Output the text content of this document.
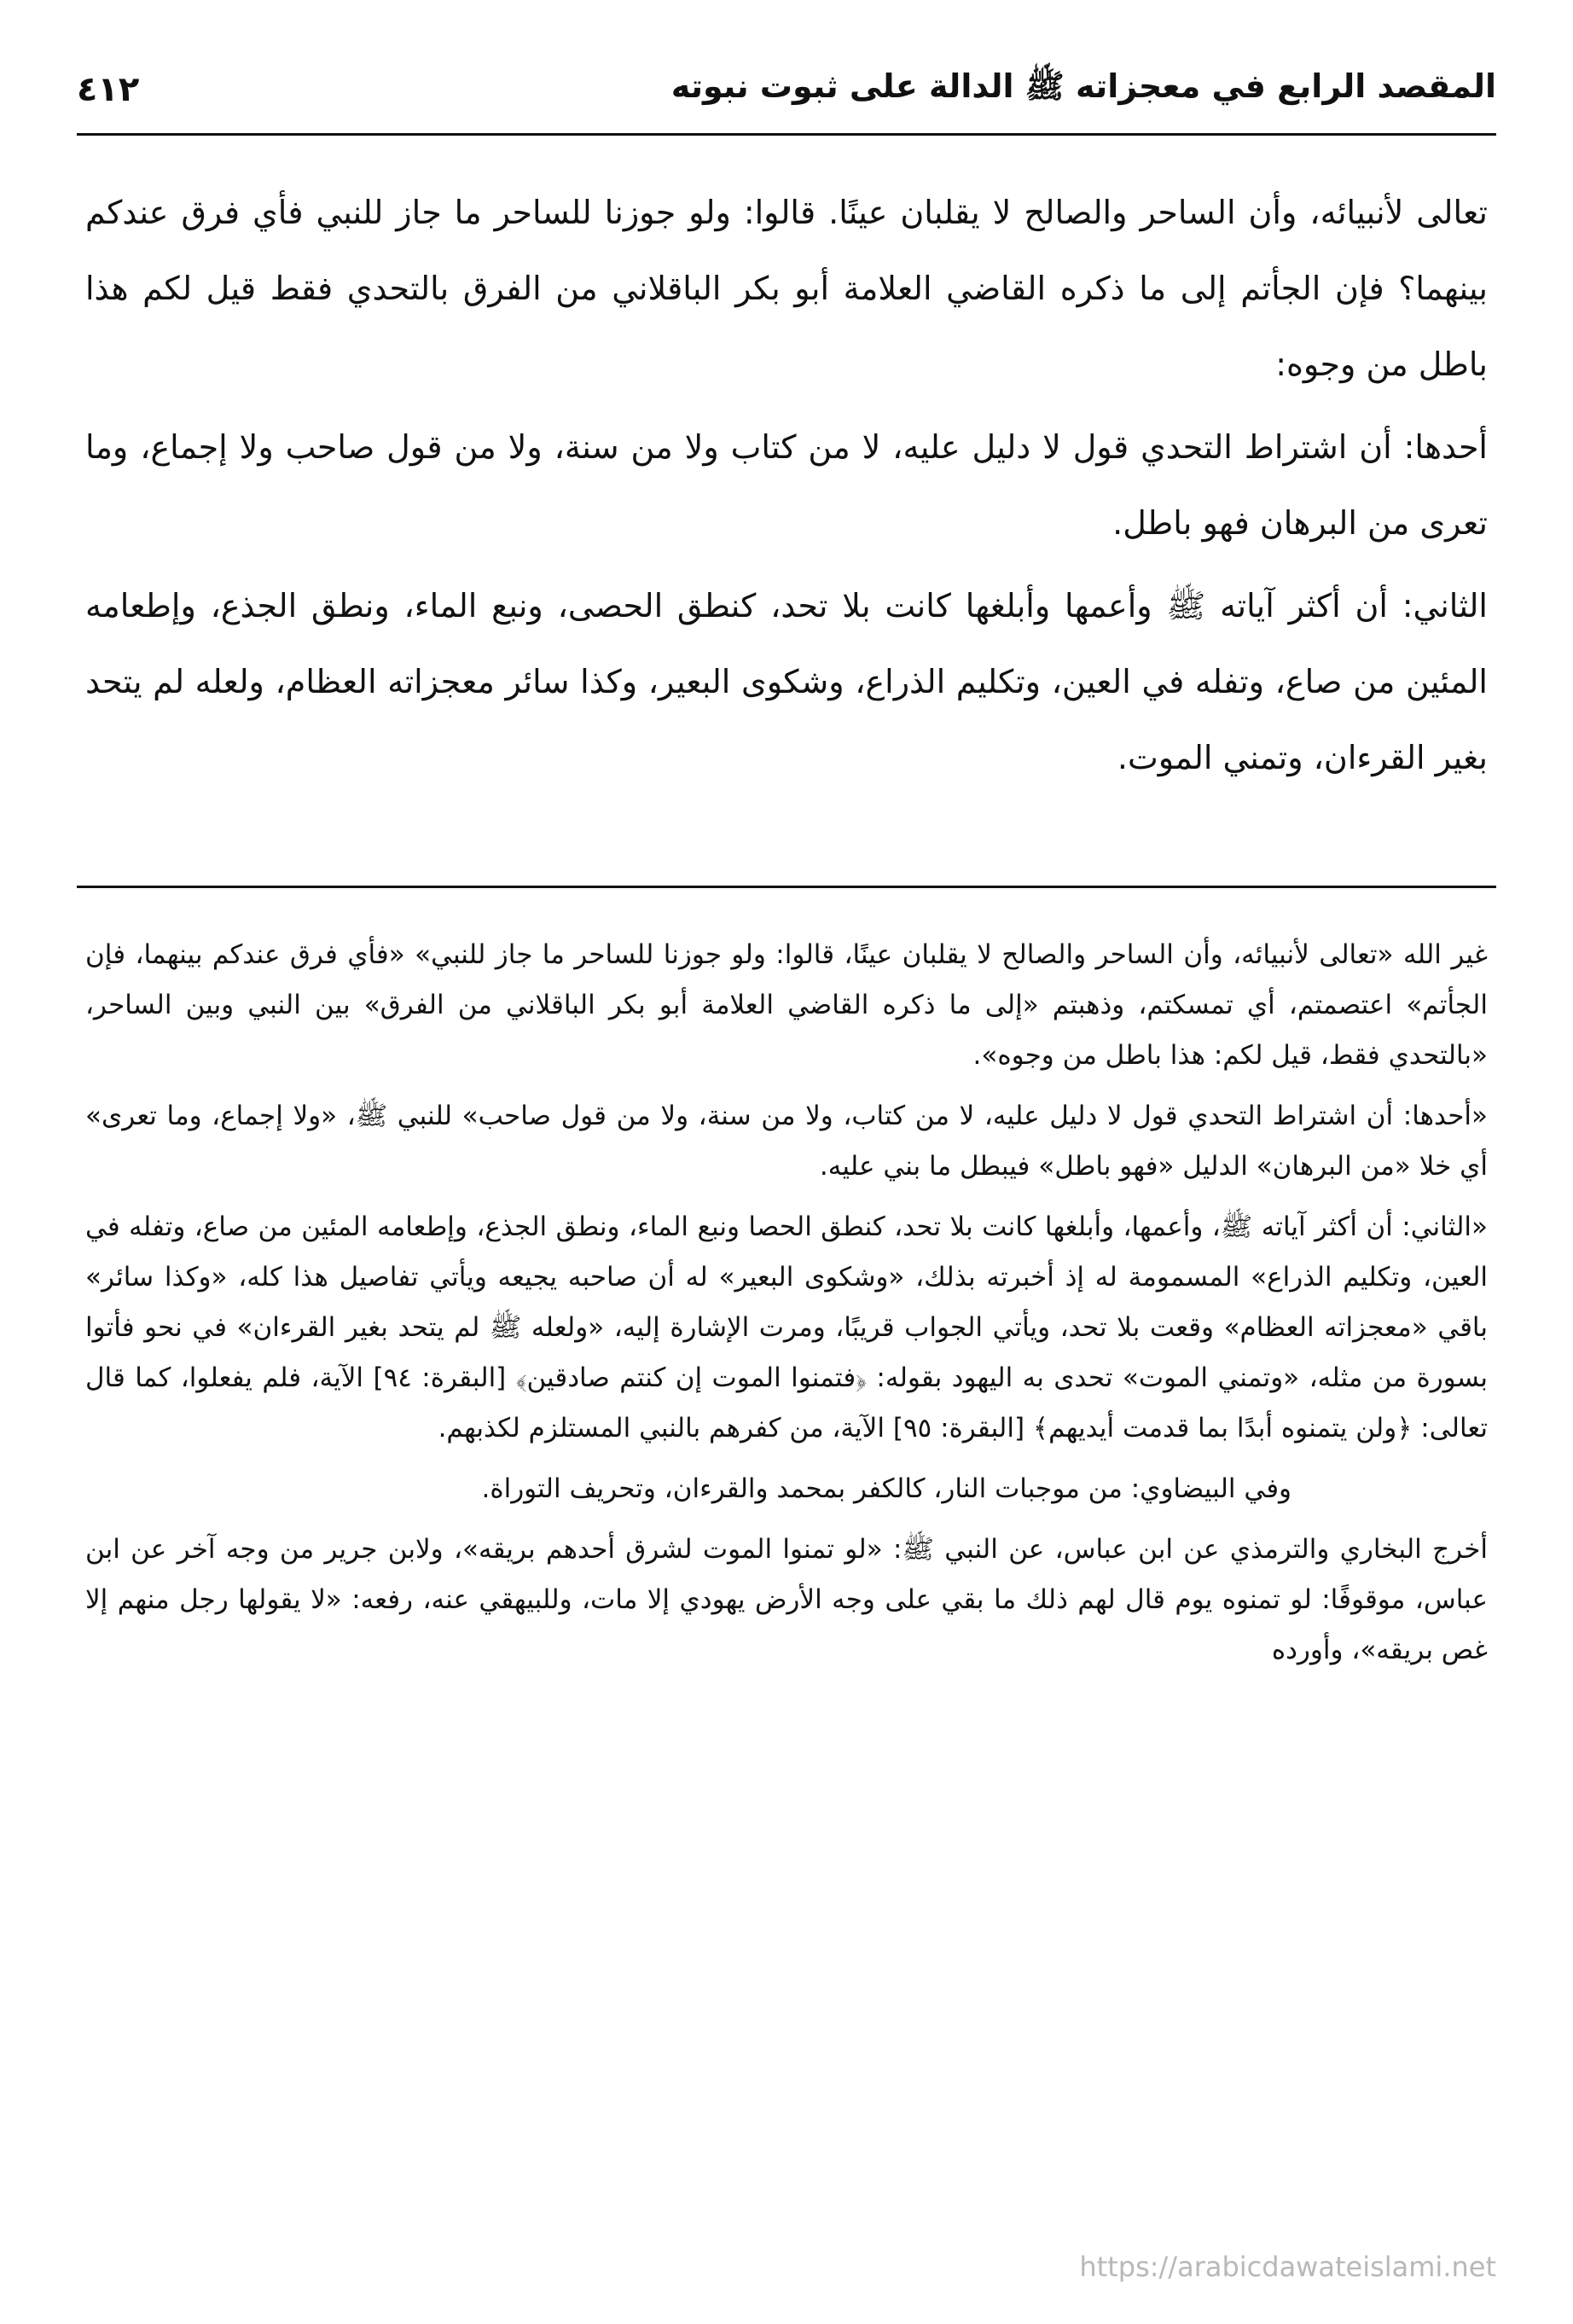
المقصد الرابع في معجزاته ﷺ الدالة على ثبوت نبوته
٤١٢

تعالى لأنبيائه، وأن الساحر والصالح لا يقلبان عينًا. قالوا: ولو جوزنا للساحر ما جاز للنبي فأي فرق عندكم بينهما؟ فإن الجأتم إلى ما ذكره القاضي العلامة أبو بكر الباقلاني من الفرق بالتحدي فقط قيل لكم هذا باطل من وجوه:

أحدها: أن اشتراط التحدي قول لا دليل عليه، لا من كتاب ولا من سنة، ولا من قول صاحب ولا إجماع، وما تعرى من البرهان فهو باطل.

الثاني: أن أكثر آياته ﷺ وأعمها وأبلغها كانت بلا تحد، كنطق الحصى، ونبع الماء، ونطق الجذع، وإطعامه المئين من صاع، وتفله في العين، وتكليم الذراع، وشكوى البعير، وكذا سائر معجزاته العظام، ولعله لم يتحد بغير القرءان، وتمني الموت.

غير الله «تعالى لأنبيائه، وأن الساحر والصالح لا يقلبان عينًا، قالوا: ولو جوزنا للساحر ما جاز للنبي» «فأي فرق عندكم بينهما، فإن الجأتم» اعتصمتم، أي تمسكتم، وذهبتم «إلى ما ذكره القاضي العلامة أبو بكر الباقلاني من الفرق» بين النبي وبين الساحر، «بالتحدي فقط، قيل لكم: هذا باطل من وجوه».

«أحدها: أن اشتراط التحدي قول لا دليل عليه، لا من كتاب، ولا من سنة، ولا من قول صاحب» للنبي ﷺ، «ولا إجماع، وما تعرى» أي خلا «من البرهان» الدليل «فهو باطل» فيبطل ما بني عليه.

«الثاني: أن أكثر آياته ﷺ، وأعمها، وأبلغها كانت بلا تحد، كنطق الحصا ونبع الماء، ونطق الجذع، وإطعامه المئين من صاع، وتفله في العين، وتكليم الذراع» المسمومة له إذ أخبرته بذلك، «وشكوى البعير» له أن صاحبه يجيعه ويأتي تفاصيل هذا كله، «وكذا سائر» باقي «معجزاته العظام» وقعت بلا تحد، ويأتي الجواب قريبًا، ومرت الإشارة إليه، «ولعله ﷺ لم يتحد بغير القرءان» في نحو فأتوا بسورة من مثله، «وتمني الموت» تحدى به اليهود بقوله: ﴿فتمنوا الموت إن كنتم صادقين﴾ [البقرة: ٩٤] الآية، فلم يفعلوا، كما قال تعالى: ﴿ولن يتمنوه أبدًا بما قدمت أيديهم﴾ [البقرة: ٩٥] الآية، من كفرهم بالنبي المستلزم لكذبهم.

وفي البيضاوي: من موجبات النار، كالكفر بمحمد والقرءان، وتحريف التوراة.

أخرج البخاري والترمذي عن ابن عباس، عن النبي ﷺ: «لو تمنوا الموت لشرق أحدهم بريقه»، ولابن جرير من وجه آخر عن ابن عباس، موقوفًا: لو تمنوه يوم قال لهم ذلك ما بقي على وجه الأرض يهودي إلا مات، وللبيهقي عنه، رفعه: «لا يقولها رجل منهم إلا غص بريقه»، وأورده

https://arabicdawateislami.net
